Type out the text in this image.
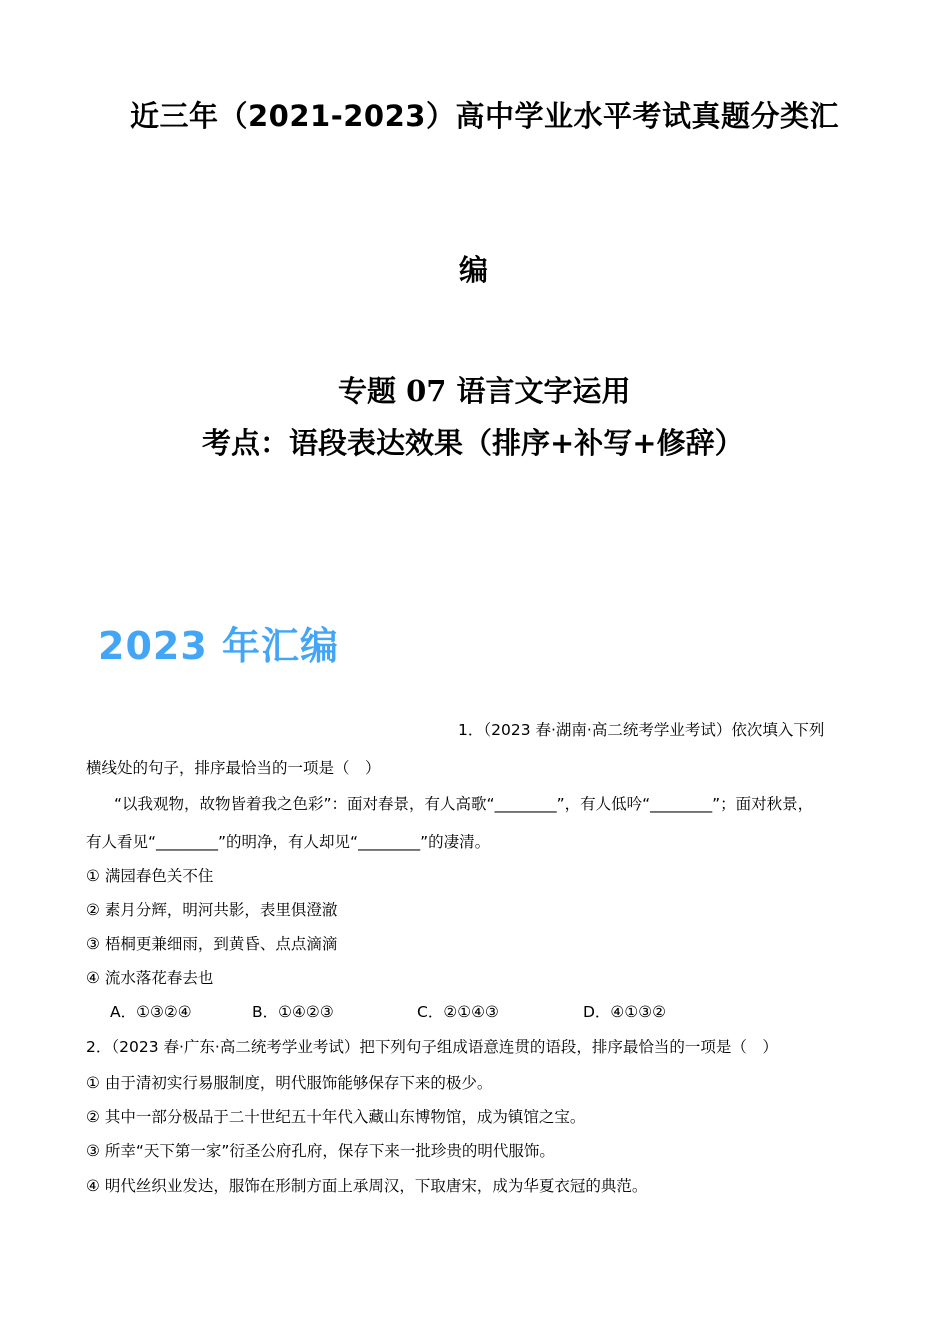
近三年（2021-2023）高中学业水平考试真题分类汇
编
专题 07 语言文字运用
考点：语段表达效果（排序+补写+修辞）
2023 年汇编
1．（2023 春·湖南·高二统考学业考试）依次填入下列
横线处的句子，排序最恰当的一项是（　）
“以我观物，故物皆着我之色彩”：面对春景，有人高歌“________”，有人低吟“________”；面对秋景，
有人看见“________”的明净，有人却见“________”的凄清。
① 满园春色关不住
② 素月分辉，明河共影，表里俱澄澈
③ 梧桐更兼细雨，到黄昏、点点滴滴
④ 流水落花春去也
A．①③②④	B．①④②③	C．②①④③	D．④①③②
2．（2023 春·广东·高二统考学业考试）把下列句子组成语意连贯的语段，排序最恰当的一项是（　）
① 由于清初实行易服制度，明代服饰能够保存下来的极少。
② 其中一部分极品于二十世纪五十年代入藏山东博物馆，成为镇馆之宝。
③ 所幸“天下第一家”衍圣公府孔府，保存下来一批珍贵的明代服饰。
④ 明代丝织业发达，服饰在形制方面上承周汉，下取唐宋，成为华夏衣冠的典范。
